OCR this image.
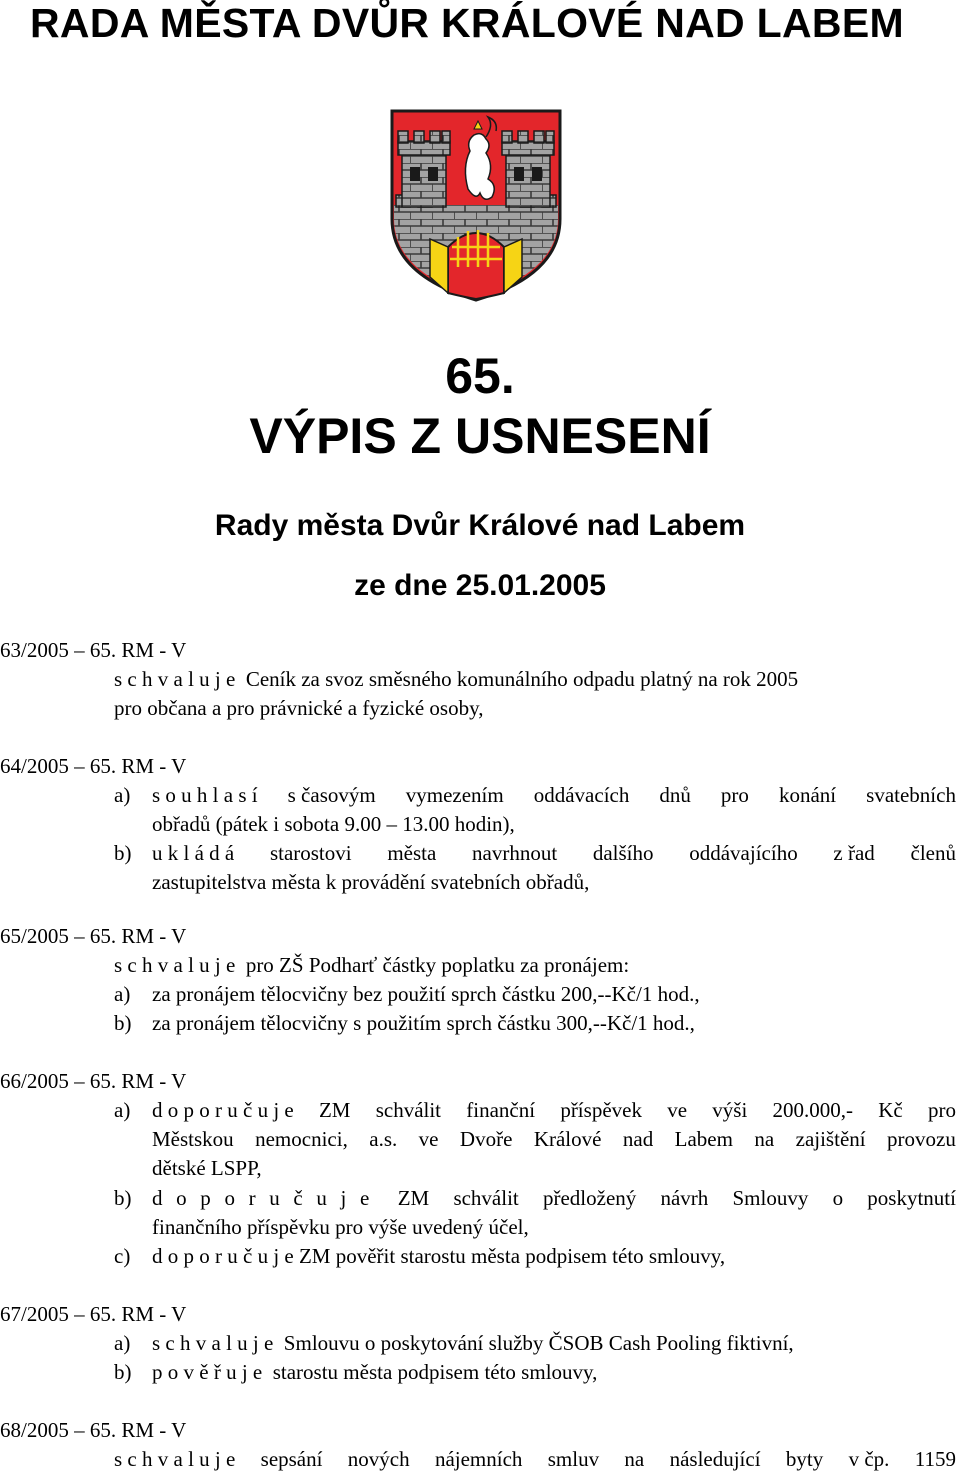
RADA MĚSTA DVŮR KRÁLOVÉ NAD LABEM
65.
VÝPIS Z USNESENÍ
Rady města Dvůr Králové nad Labem
ze dne 25.01.2005
63/2005 – 65. RM - V
s c h v a l u j e Ceník za svoz směsného komunálního odpadu platný na rok 2005
pro občana a pro právnické a fyzické osoby,
64/2005 – 65. RM - V
a) s o u h l a s í s časovým vymezením oddávacích dnů pro konání svatebních
obřadů (pátek i sobota 9.00 – 13.00 hodin),
b) u k l á d á starostovi města navrhnout dalšího oddávajícího z řad členů
zastupitelstva města k provádění svatebních obřadů,
65/2005 – 65. RM - V
s c h v a l u j e pro ZŠ Podharť částky poplatku za pronájem:
a) za pronájem tělocvičny bez použití sprch částku 200,--Kč/1 hod.,
b) za pronájem tělocvičny s použitím sprch částku 300,--Kč/1 hod.,
66/2005 – 65. RM - V
a) d o p o r u č u j e ZM schválit finanční příspěvek ve výši 200.000,- Kč pro
Městskou nemocnici, a.s. ve Dvoře Králové nad Labem na zajištění provozu
dětské LSPP,
b) d o p o r u č u j e ZM schválit předložený návrh Smlouvy o poskytnutí
finančního příspěvku pro výše uvedený účel,
c) d o p o r u č u j e ZM pověřit starostu města podpisem této smlouvy,
67/2005 – 65. RM - V
a) s c h v a l u j e  Smlouvu o poskytování služby ČSOB Cash Pooling fiktivní,
b) p o v ě ř u j e  starostu města podpisem této smlouvy,
68/2005 – 65. RM - V
s c h v a l u j e sepsání nových nájemních smluv na následující byty v čp. 1159
